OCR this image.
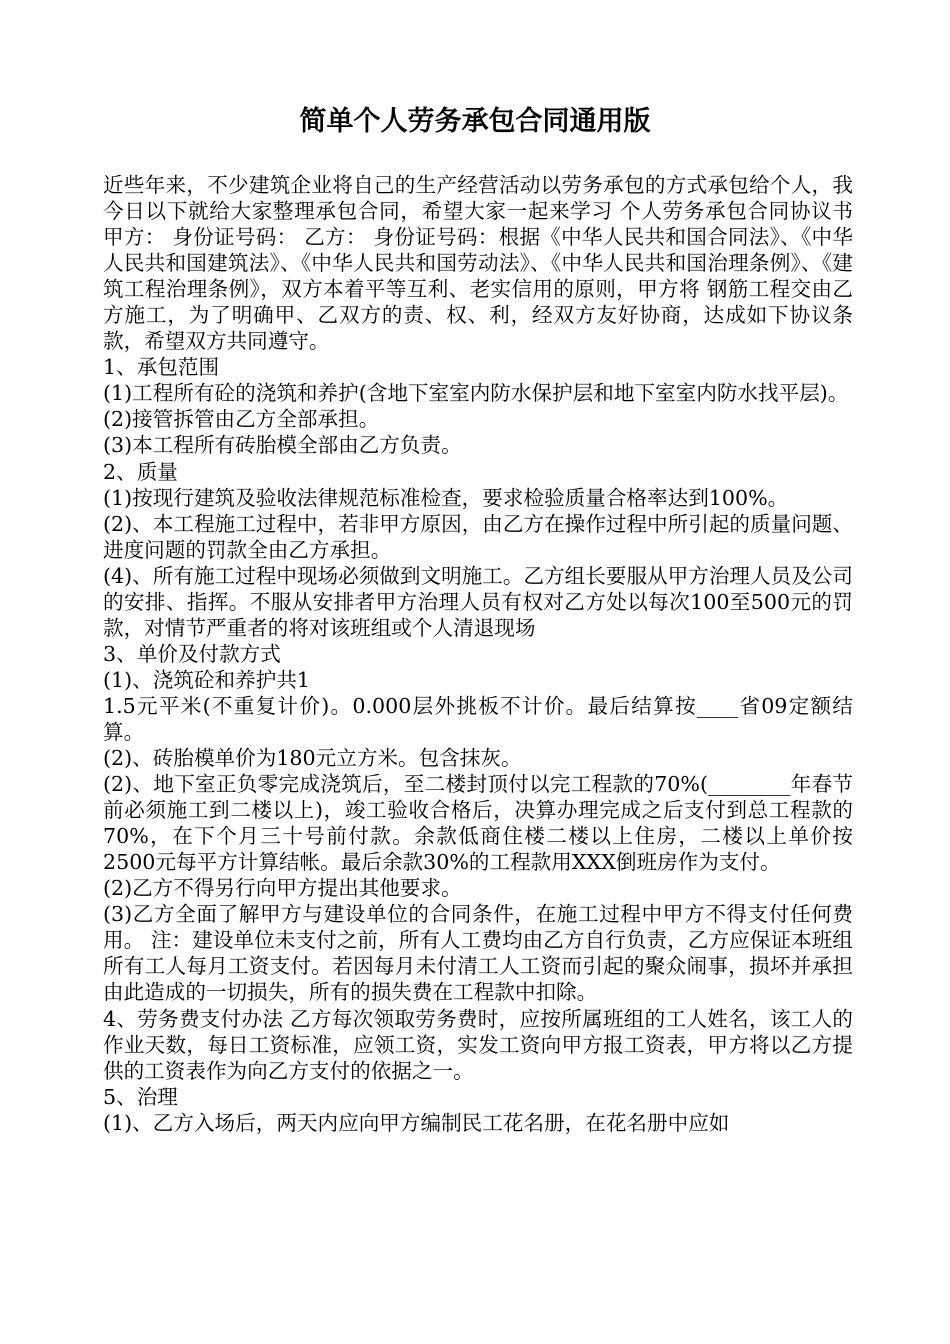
简单个人劳务承包合同通用版

近些年来，不少建筑企业将自己的生产经营活动以劳务承包的方式承包给个人，我今日以下就给大家整理承包合同，希望大家一起来学习 个人劳务承包合同协议书 甲方： 身份证号码： 乙方： 身份证号码：根据《中华人民共和国合同法》、《中华人民共和国建筑法》、《中华人民共和国劳动法》、《中华人民共和国治理条例》、《建筑工程治理条例》，双方本着平等互利、老实信用的原则，甲方将 钢筋工程交由乙方施工，为了明确甲、乙双方的责、权、利，经双方友好协商，达成如下协议条款，希望双方共同遵守。

1、承包范围

(1)工程所有砼的浇筑和养护(含地下室室内防水保护层和地下室室内防水找平层)。

(2)接管拆管由乙方全部承担。

(3)本工程所有砖胎模全部由乙方负责。

2、质量

(1)按现行建筑及验收法律规范标准检查，要求检验质量合格率达到100%。

(2)、本工程施工过程中，若非甲方原因，由乙方在操作过程中所引起的质量问题、进度问题的罚款全由乙方承担。

(4)、所有施工过程中现场必须做到文明施工。乙方组长要服从甲方治理人员及公司的安排、指挥。不服从安排者甲方治理人员有权对乙方处以每次100至500元的罚款，对情节严重者的将对该班组或个人清退现场

3、单价及付款方式

(1)、浇筑砼和养护共1

1.5元平米(不重复计价)。0.000层外挑板不计价。最后结算按____省09定额结算。

(2)、砖胎模单价为180元立方米。包含抹灰。

(2)、地下室正负零完成浇筑后，至二楼封顶付以完工程款的70%(________年春节前必须施工到二楼以上)，竣工验收合格后，决算办理完成之后支付到总工程款的70%，在下个月三十号前付款。余款低商住楼二楼以上住房，二楼以上单价按2500元每平方计算结帐。最后余款30%的工程款用XXX倒班房作为支付。

(2)乙方不得另行向甲方提出其他要求。

(3)乙方全面了解甲方与建设单位的合同条件，在施工过程中甲方不得支付任何费用。 注：建设单位未支付之前，所有人工费均由乙方自行负责，乙方应保证本班组所有工人每月工资支付。若因每月未付清工人工资而引起的聚众闹事，损坏并承担由此造成的一切损失，所有的损失费在工程款中扣除。

4、劳务费支付办法 乙方每次领取劳务费时，应按所属班组的工人姓名，该工人的作业天数，每日工资标准，应领工资，实发工资向甲方报工资表，甲方将以乙方提供的工资表作为向乙方支付的依据之一。

5、治理

(1)、乙方入场后，两天内应向甲方编制民工花名册，在花名册中应如
